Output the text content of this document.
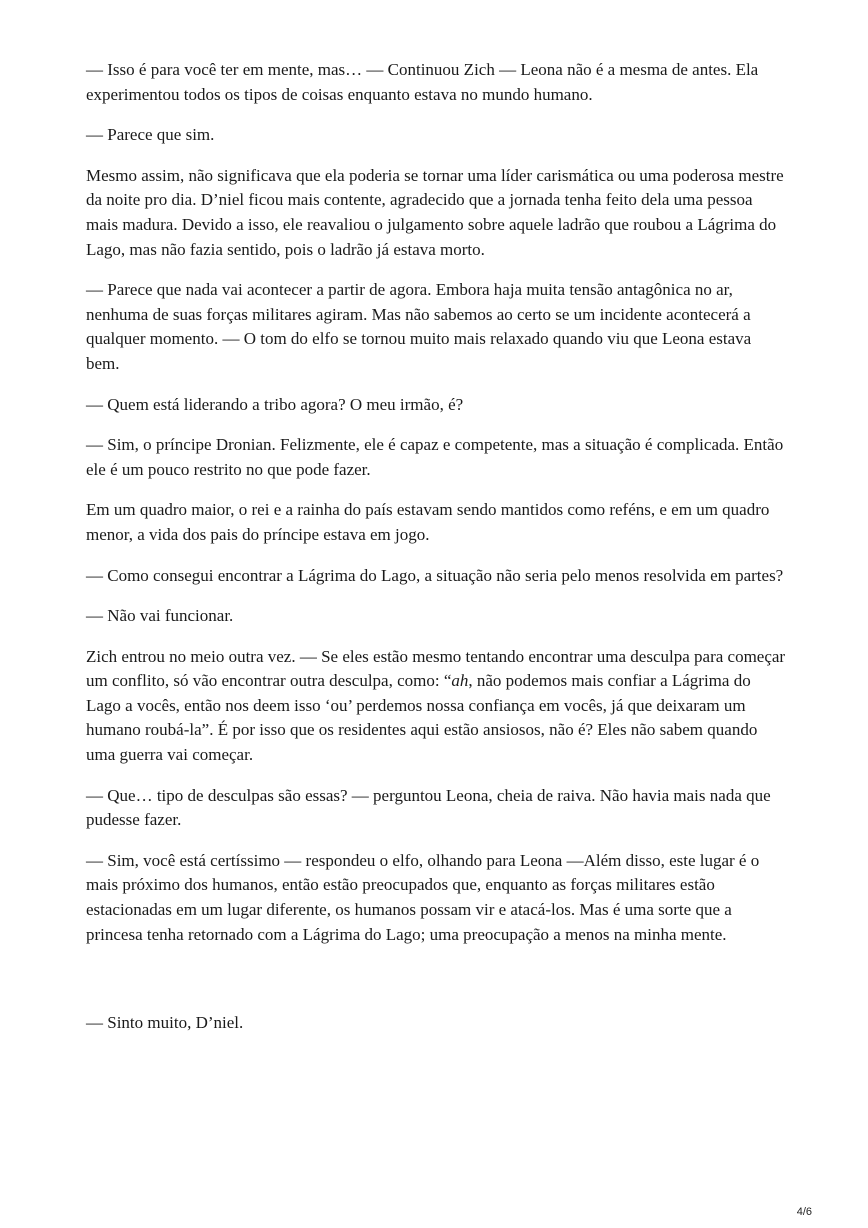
— Isso é para você ter em mente, mas… — Continuou Zich — Leona não é a mesma de antes. Ela experimentou todos os tipos de coisas enquanto estava no mundo humano.

— Parece que sim.

Mesmo assim, não significava que ela poderia se tornar uma líder carismática ou uma poderosa mestre da noite pro dia. D’niel ficou mais contente, agradecido que a jornada tenha feito dela uma pessoa mais madura. Devido a isso, ele reavaliou o julgamento sobre aquele ladrão que roubou a Lágrima do Lago, mas não fazia sentido, pois o ladrão já estava morto.

— Parece que nada vai acontecer a partir de agora. Embora haja muita tensão antagônica no ar, nenhuma de suas forças militares agiram. Mas não sabemos ao certo se um incidente acontecerá a qualquer momento. — O tom do elfo se tornou muito mais relaxado quando viu que Leona estava bem.

— Quem está liderando a tribo agora? O meu irmão, é?

— Sim, o príncipe Dronian. Felizmente, ele é capaz e competente, mas a situação é complicada. Então ele é um pouco restrito no que pode fazer.

Em um quadro maior, o rei e a rainha do país estavam sendo mantidos como reféns, e em um quadro menor, a vida dos pais do príncipe estava em jogo.

— Como consegui encontrar a Lágrima do Lago, a situação não seria pelo menos resolvida em partes?

— Não vai funcionar.

Zich entrou no meio outra vez. — Se eles estão mesmo tentando encontrar uma desculpa para começar um conflito, só vão encontrar outra desculpa, como: “ah, não podemos mais confiar a Lágrima do Lago a vocês, então nos deem isso ‘ou’ perdemos nossa confiança em vocês, já que deixaram um humano roubá-la”. É por isso que os residentes aqui estão ansiosos, não é? Eles não sabem quando uma guerra vai começar.

— Que… tipo de desculpas são essas? — perguntou Leona, cheia de raiva. Não havia mais nada que pudesse fazer.

— Sim, você está certíssimo — respondeu o elfo, olhando para Leona —Além disso, este lugar é o mais próximo dos humanos, então estão preocupados que, enquanto as forças militares estão estacionadas em um lugar diferente, os humanos possam vir e atacá-los. Mas é uma sorte que a princesa tenha retornado com a Lágrima do Lago; uma preocupação a menos na minha mente.

— Sinto muito, D’niel.

4/6
